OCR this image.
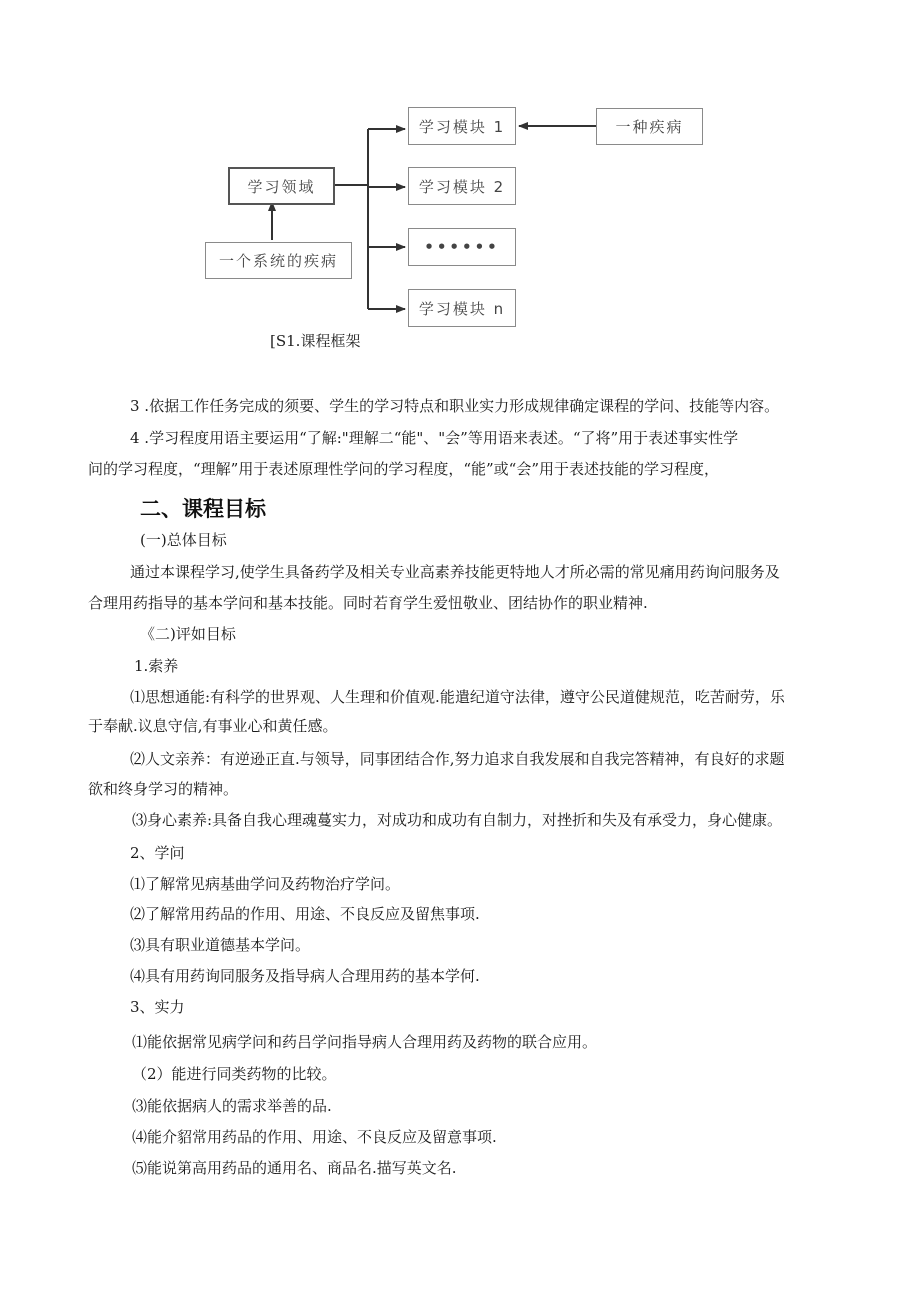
学习领域
一个系统的疾病
一种疾病
学习模块 1
学习模块 2
••••••
学习模块 n
[S1.课程框架
3 .依据工作任务完成的须要、学生的学习特点和职业实力形成规律确定课程的学问、技能等内容。
4 .学习程度用语主要运用“了解:"理解二“能"、"会”等用语来表述。“了将”用于表述事实性学
问的学习程度，“理解”用于表述原理性学问的学习程度，“能”或“会”用于表述技能的学习程度，
二、课程目标
(一)总体目标
通过本课程学习,使学生具备药学及相关专业高素养技能更特地人才所必需的常见痛用药询问服务及
合理用药指导的基本学问和基本技能。同时若育学生爱忸敬业、团结协作的职业精神.
《二)评如目标
1.索养
⑴思想通能:有科学的世界观、人生理和价值观.能遣纪道守法律，遵守公民道健规范，吃苦耐劳，乐
于奉献.议息守信,有事业心和黄任感。
⑵人文亲养：有逆逊正直.与领导，同事团结合作,努力追求自我发展和自我完答精神，有良好的求题
欲和终身学习的精神。
⑶身心素养:具备自我心理魂蔓实力，对成功和成功有自制力，对挫折和失及有承受力，身心健康。
2、学问
⑴了解常见病基曲学问及药物治疗学问。
⑵了解常用药品的作用、用途、不良反应及留焦事项.
⑶具有职业道德基本学问。
⑷具有用药询同服务及指导病人合理用药的基本学何.
3、实力
⑴能依据常见病学问和药吕学问指导病人合理用药及药物的联合应用。
（2）能进行同类药物的比较。
⑶能依据病人的需求举善的品.
⑷能介貂常用药品的作用、用途、不良反应及留意事项.
⑸能说第高用药品的通用名、商品名.描写英文名.
